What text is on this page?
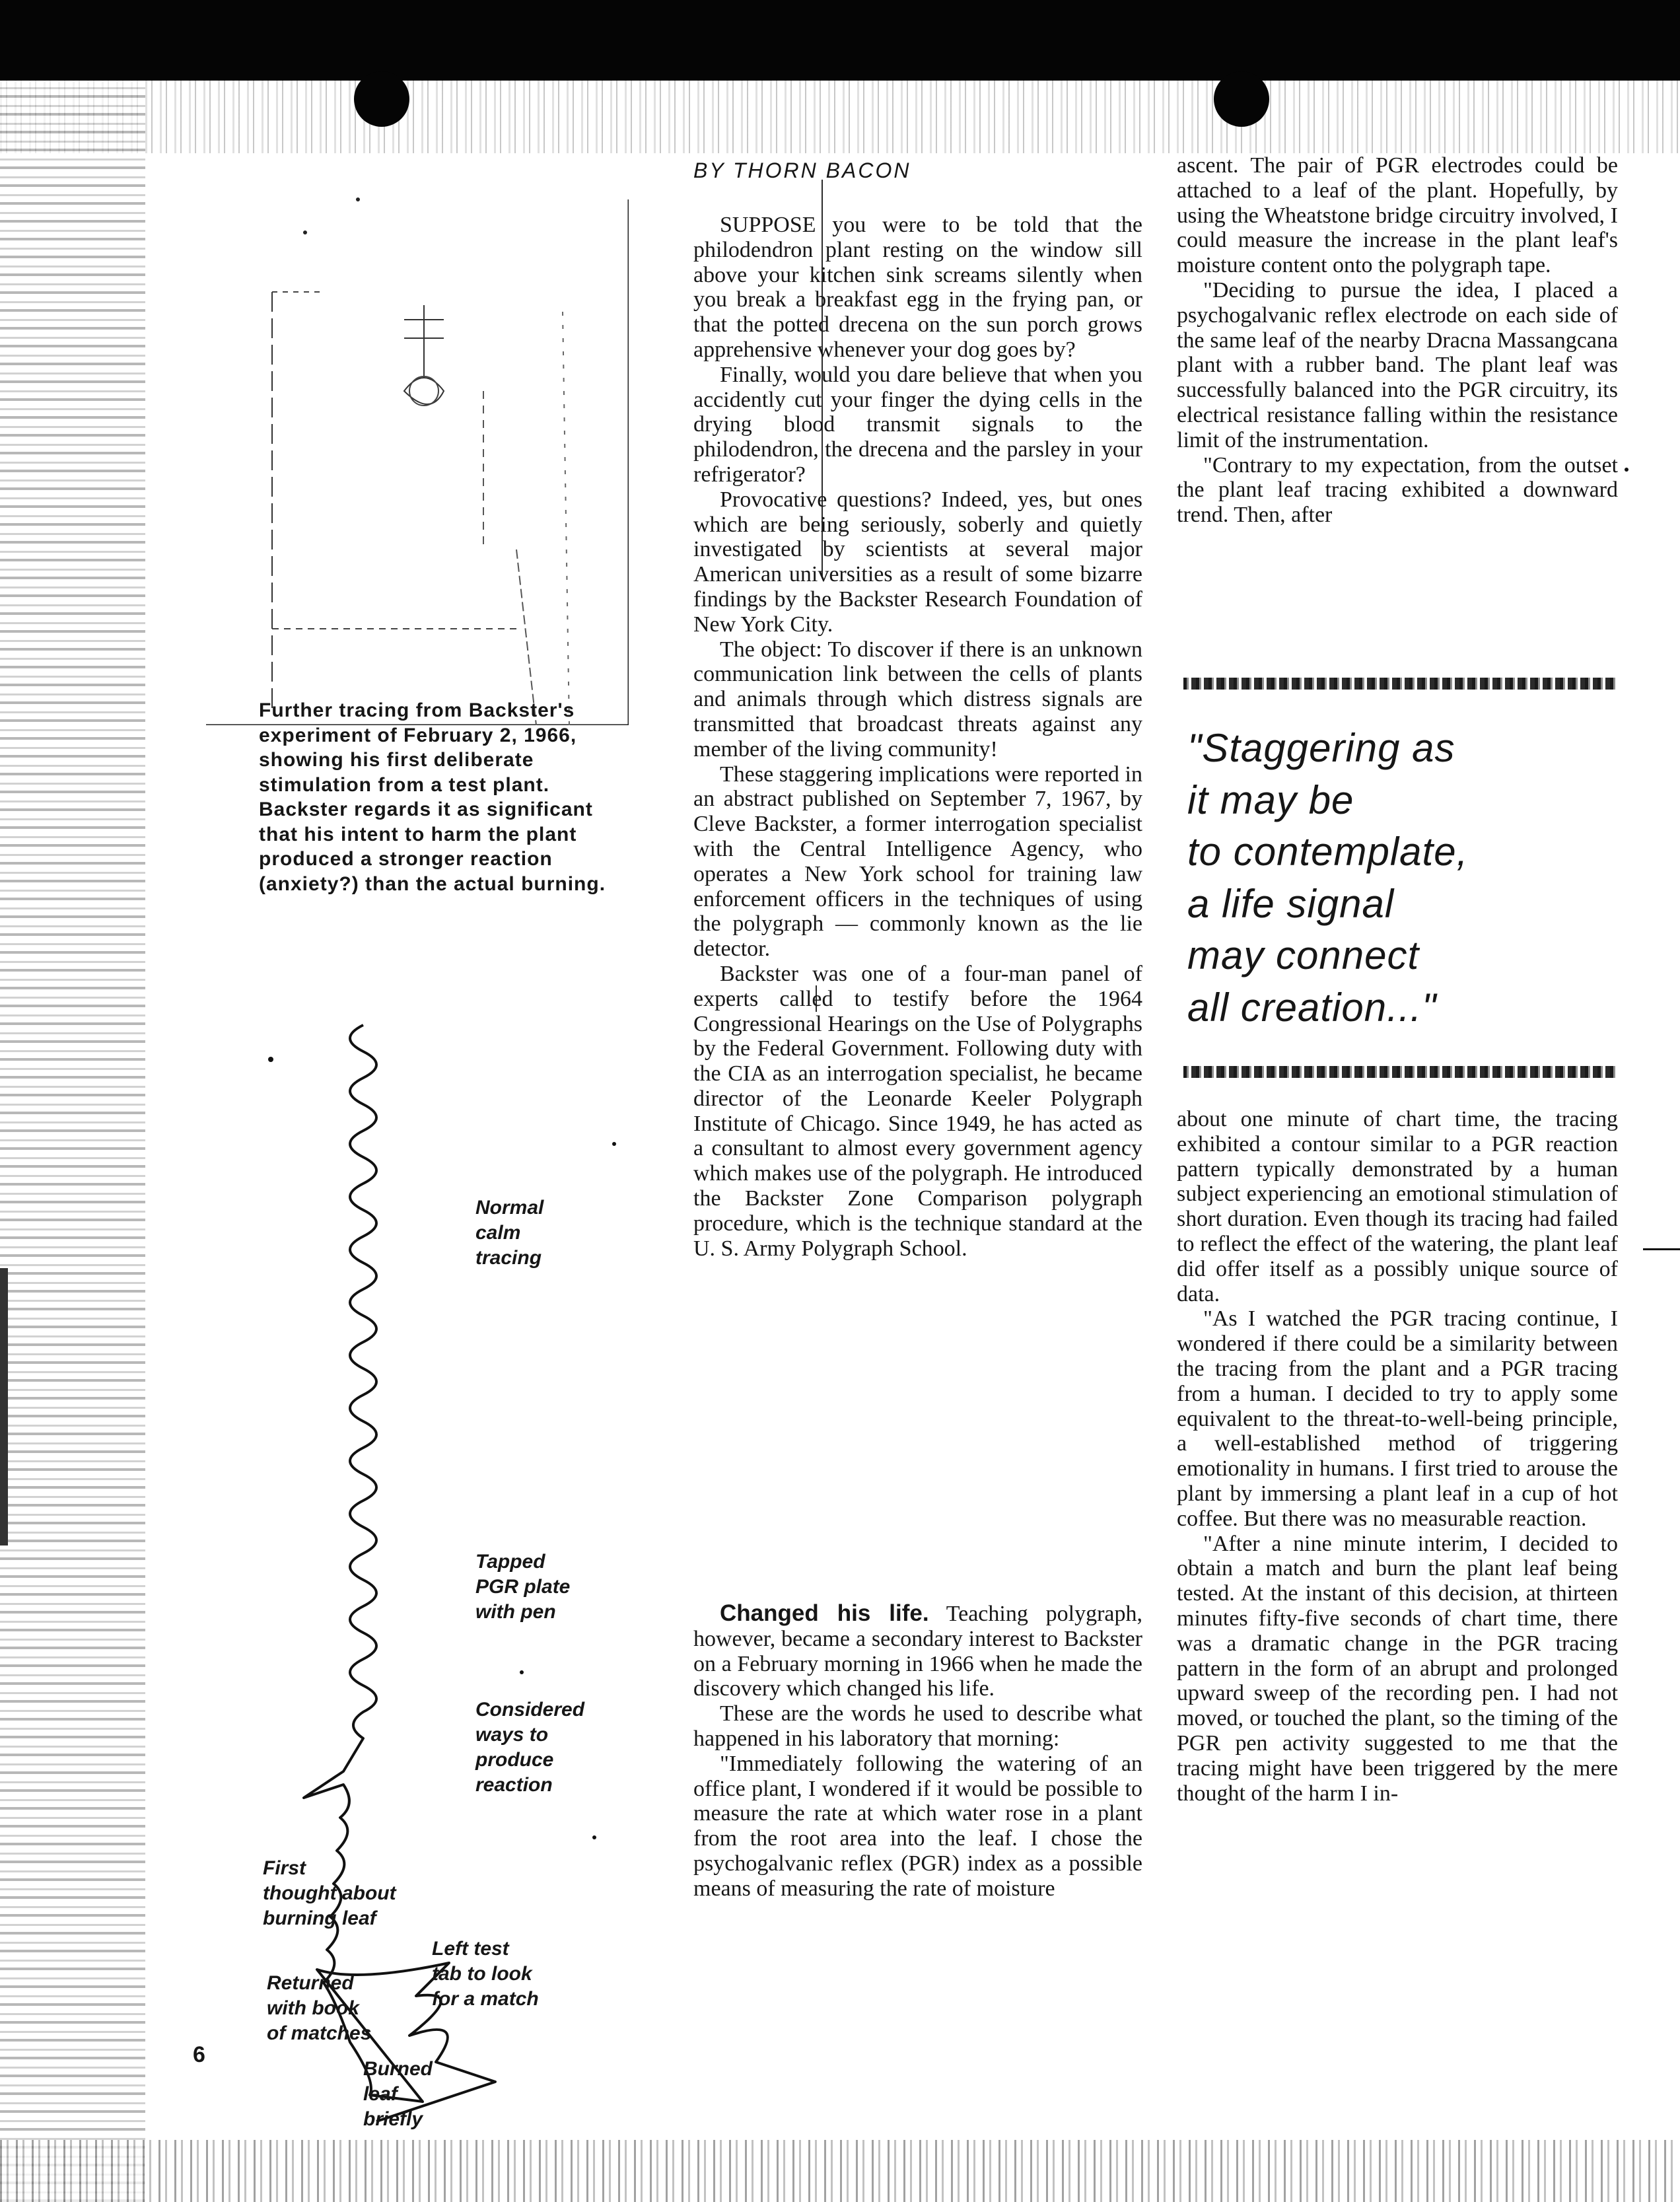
Further tracing from Backster's experiment of February 2, 1966, showing his first deliberate stimulation from a test plant. Backster regards it as significant that his intent to harm the plant produced a stronger reaction (anxiety?) than the actual burning.

Normal
calm
tracing

Tapped
PGR plate
with pen

Considered
ways to
produce
reaction

First
thought about
burning leaf

Left test
tab to look
for a match

Returned
with book
of matches

Burned
leaf
briefly

6

BY THORN BACON

SUPPOSE you were to be told that the philodendron plant resting on the window sill above your kitchen sink screams silently when you break a breakfast egg in the frying pan, or that the potted drecena on the sun porch grows apprehensive whenever your dog goes by?

Finally, would you dare believe that when you accidently cut your finger the dying cells in the drying blood transmit signals to the philodendron, the drecena and the parsley in your refrigerator?

Provocative questions? Indeed, yes, but ones which are being seriously, soberly and quietly investigated by scientists at several major American universities as a result of some bizarre findings by the Backster Research Foundation of New York City.

The object: To discover if there is an unknown communication link between the cells of plants and animals through which distress signals are transmitted that broadcast threats against any member of the living community!

These staggering implications were reported in an abstract published on September 7, 1967, by Cleve Backster, a former interrogation specialist with the Central Intelligence Agency, who operates a New York school for training law enforcement officers in the techniques of using the polygraph — commonly known as the lie detector.

Backster was one of a four-man panel of experts called to testify before the 1964 Congressional Hearings on the Use of Polygraphs by the Federal Government. Following duty with the CIA as an interrogation specialist, he became director of the Leonarde Keeler Polygraph Institute of Chicago. Since 1949, he has acted as a consultant to almost every government agency which makes use of the polygraph. He introduced the Backster Zone Comparison polygraph procedure, which is the technique standard at the U. S. Army Polygraph School.

Changed his life. Teaching polygraph, however, became a secondary interest to Backster on a February morning in 1966 when he made the discovery which changed his life.

These are the words he used to describe what happened in his laboratory that morning:

"Immediately following the watering of an office plant, I wondered if it would be possible to measure the rate at which water rose in a plant from the root area into the leaf. I chose the psychogalvanic reflex (PGR) index as a possible means of measuring the rate of moisture

ascent. The pair of PGR electrodes could be attached to a leaf of the plant. Hopefully, by using the Wheatstone bridge circuitry involved, I could measure the increase in the plant leaf's moisture content onto the polygraph tape.

"Deciding to pursue the idea, I placed a psychogalvanic reflex electrode on each side of the same leaf of the nearby Dracna Massangcana plant with a rubber band. The plant leaf was successfully balanced into the PGR circuitry, its electrical resistance falling within the resistance limit of the instrumentation.

"Contrary to my expectation, from the outset the plant leaf tracing exhibited a downward trend. Then, after

"Staggering as
it may be
to contemplate,
a life signal
may connect
all creation..."

about one minute of chart time, the tracing exhibited a contour similar to a PGR reaction pattern typically demonstrated by a human subject experiencing an emotional stimulation of short duration. Even though its tracing had failed to reflect the effect of the watering, the plant leaf did offer itself as a possibly unique source of data.

"As I watched the PGR tracing continue, I wondered if there could be a similarity between the tracing from the plant and a PGR tracing from a human. I decided to try to apply some equivalent to the threat-to-well-being principle, a well-established method of triggering emotionality in humans. I first tried to arouse the plant by immersing a plant leaf in a cup of hot coffee. But there was no measurable reaction.

"After a nine minute interim, I decided to obtain a match and burn the plant leaf being tested. At the instant of this decision, at thirteen minutes fifty-five seconds of chart time, there was a dramatic change in the PGR tracing pattern in the form of an abrupt and prolonged upward sweep of the recording pen. I had not moved, or touched the plant, so the timing of the PGR pen activity suggested to me that the tracing might have been triggered by the mere thought of the harm I in-
